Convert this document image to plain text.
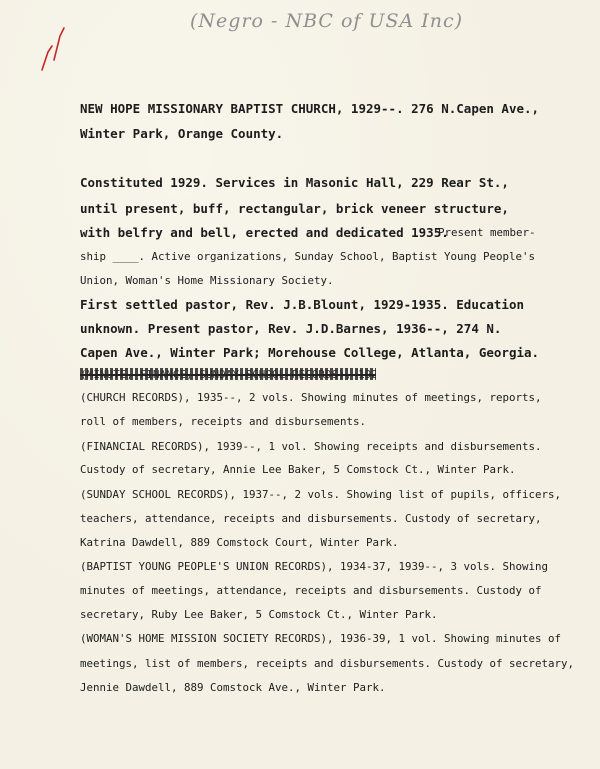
(Negro - NBC of USA Inc)
NEW HOPE MISSIONARY BAPTIST CHURCH, 1929--. 276 N.Capen Ave.,
Winter Park, Orange County.
Constituted 1929. Services in Masonic Hall, 229 Rear St.,
until present, buff, rectangular, brick veneer structure,
with belfry and bell, erected and dedicated 1935.
Present member-
ship ____. Active organizations, Sunday School, Baptist Young People's
Union, Woman's Home Missionary Society.
First settled pastor, Rev. J.B.Blount, 1929-1935. Education
unknown. Present pastor, Rev. J.D.Barnes, 1936--, 274 N.
Capen Ave., Winter Park; Morehouse College, Atlanta, Georgia.
(CHURCH RECORDS), 1935--, 2 vols. Showing minutes of meetings, reports,
roll of members, receipts and disbursements.
(FINANCIAL RECORDS), 1939--, 1 vol. Showing receipts and disbursements.
Custody of secretary, Annie Lee Baker, 5 Comstock Ct., Winter Park.
(SUNDAY SCHOOL RECORDS), 1937--, 2 vols. Showing list of pupils, officers,
teachers, attendance, receipts and disbursements. Custody of secretary,
Katrina Dawdell, 889 Comstock Court, Winter Park.
(BAPTIST YOUNG PEOPLE'S UNION RECORDS), 1934-37, 1939--, 3 vols. Showing
minutes of meetings, attendance, receipts and disbursements. Custody of
secretary, Ruby Lee Baker, 5 Comstock Ct., Winter Park.
(WOMAN'S HOME MISSION SOCIETY RECORDS), 1936-39, 1 vol. Showing minutes of
meetings, list of members, receipts and disbursements. Custody of secretary,
Jennie Dawdell, 889 Comstock Ave., Winter Park.
